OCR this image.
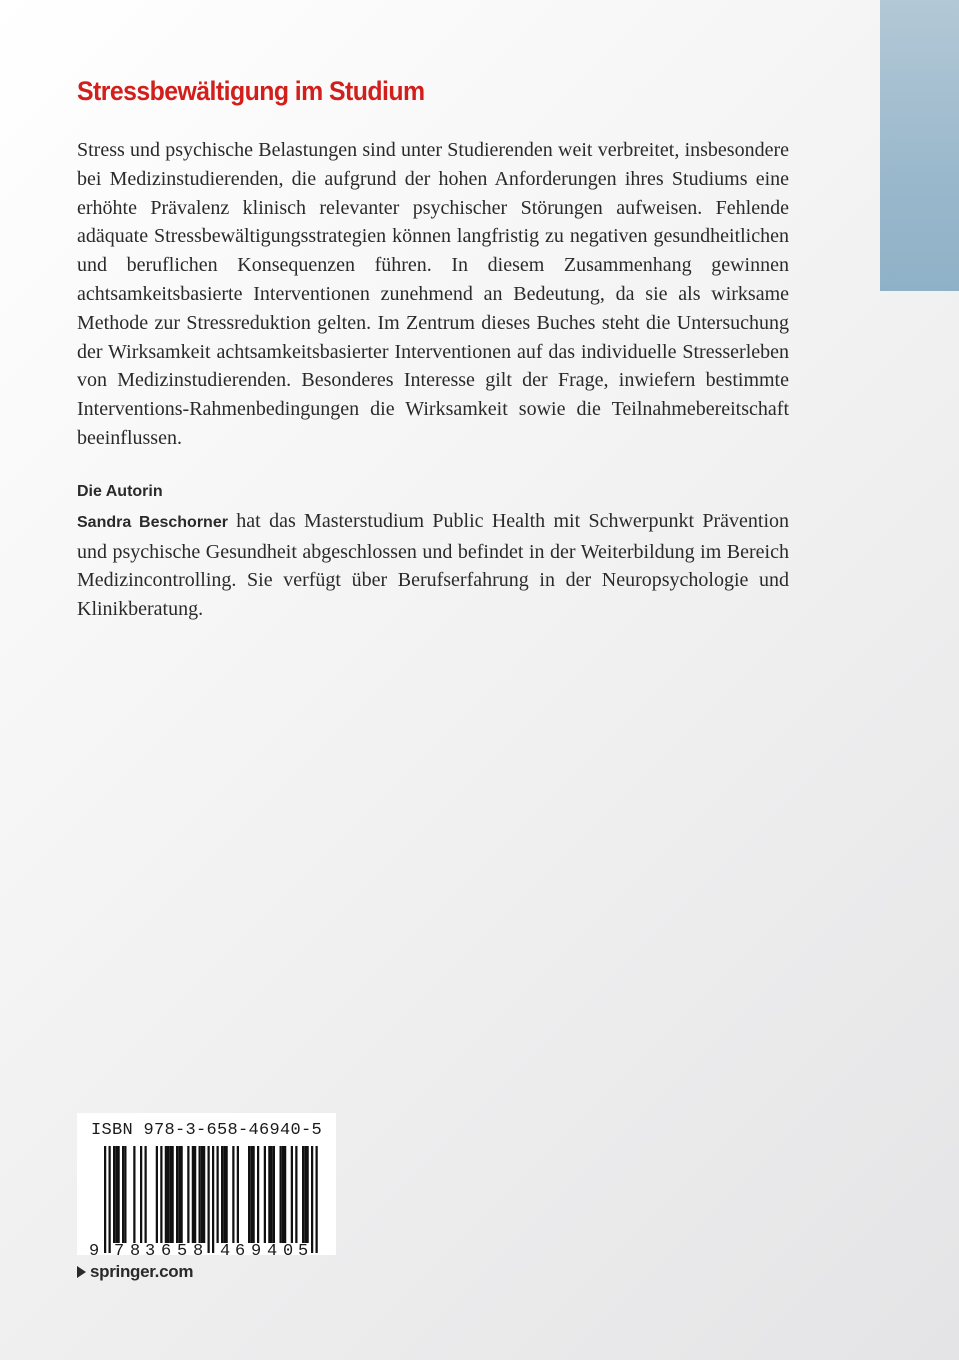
Stressbewältigung im Studium

Stress und psychische Belastungen sind unter Studierenden weit verbreitet, insbesondere bei Medizinstudierenden, die aufgrund der hohen Anforderungen ihres Studiums eine erhöhte Prävalenz klinisch relevanter psychischer Störungen aufweisen. Fehlende adäquate Stressbewältigungsstrategien können langfristig zu negativen gesundheitlichen und beruflichen Konsequenzen führen. In diesem Zusammenhang gewinnen achtsamkeitsbasierte Interventionen zunehmend an Bedeutung, da sie als wirksame Methode zur Stressreduktion gelten. Im Zentrum dieses Buches steht die Untersuchung der Wirksamkeit achtsamkeitsbasierter Interventionen auf das individuelle Stresserleben von Medizinstudierenden. Besonderes Interesse gilt der Frage, inwiefern bestimmte Interventions-Rahmenbedingungen die Wirksamkeit sowie die Teilnahmebereitschaft beeinflussen.

Die Autorin

Sandra Beschorner hat das Masterstudium Public Health mit Schwerpunkt Prävention und psychische Gesundheit abgeschlossen und befindet in der Weiterbildung im Bereich Medizincontrolling. Sie verfügt über Berufserfahrung in der Neuropsychologie und Klinikberatung.

ISBN 978-3-658-46940-5
9 7 8 3 6 5 8 4 6 9 4 0 5
springer.com
